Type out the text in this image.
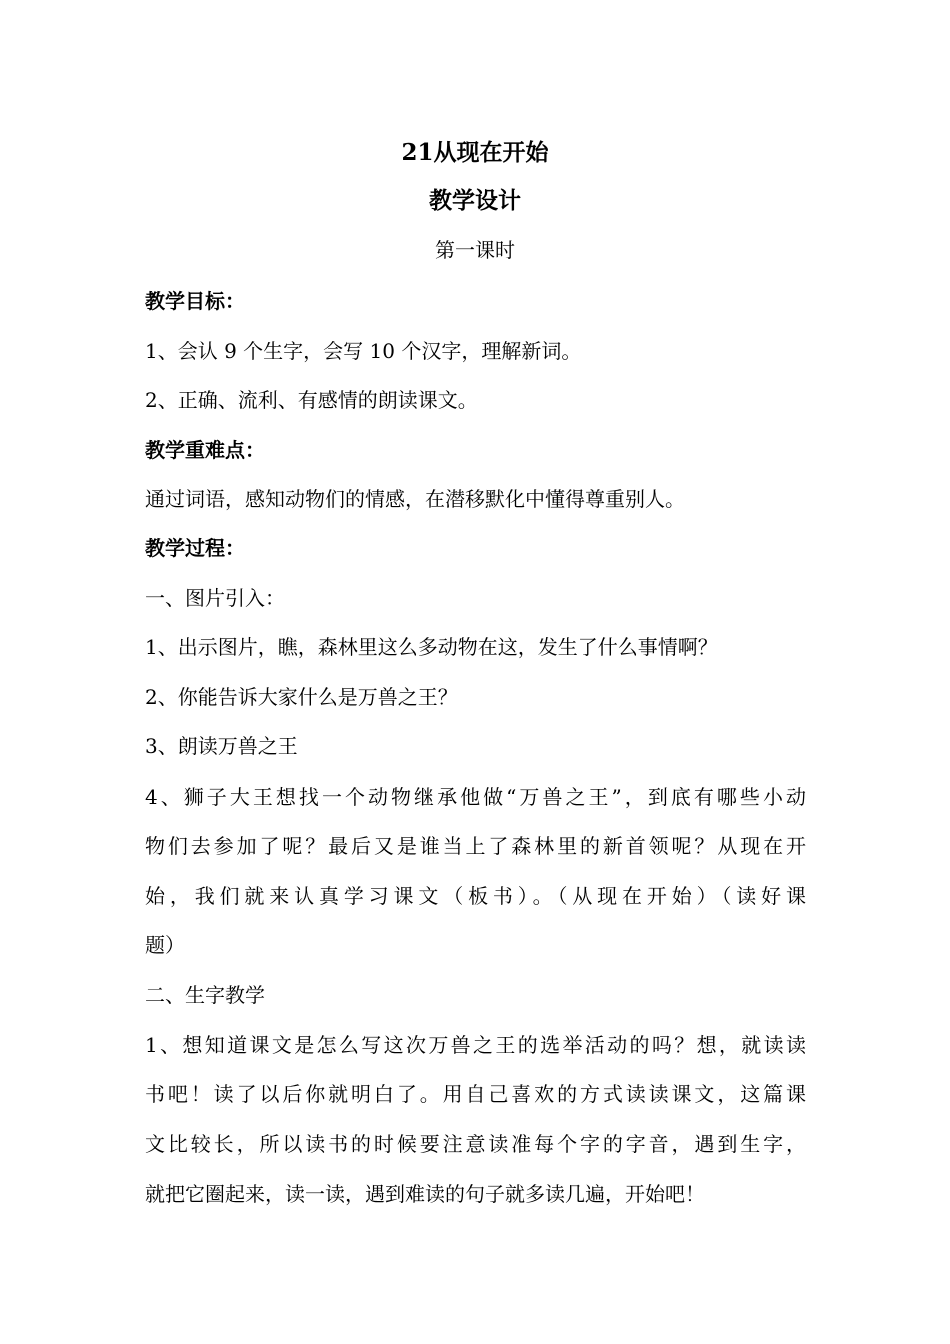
21从现在开始
教学设计
第一课时
教学目标：
1、会认 9 个生字，会写 10 个汉字，理解新词。
2、正确、流利、有感情的朗读课文。
教学重难点：
通过词语，感知动物们的情感，在潜移默化中懂得尊重别人。
教学过程：
一、图片引入：
1、出示图片，瞧，森林里这么多动物在这，发生了什么事情啊？
2、你能告诉大家什么是万兽之王？
3、朗读万兽之王
4、狮子大王想找一个动物继承他做“万兽之王”，到底有哪些小动
物们去参加了呢？最后又是谁当上了森林里的新首领呢？从现在开
始，我们就来认真学习课文（板书）。（从现在开始）（读好课
题）
二、生字教学
1、想知道课文是怎么写这次万兽之王的选举活动的吗？想，就读读
书吧！读了以后你就明白了。用自己喜欢的方式读读课文，这篇课
文比较长，所以读书的时候要注意读准每个字的字音，遇到生字，
就把它圈起来，读一读，遇到难读的句子就多读几遍，开始吧！
